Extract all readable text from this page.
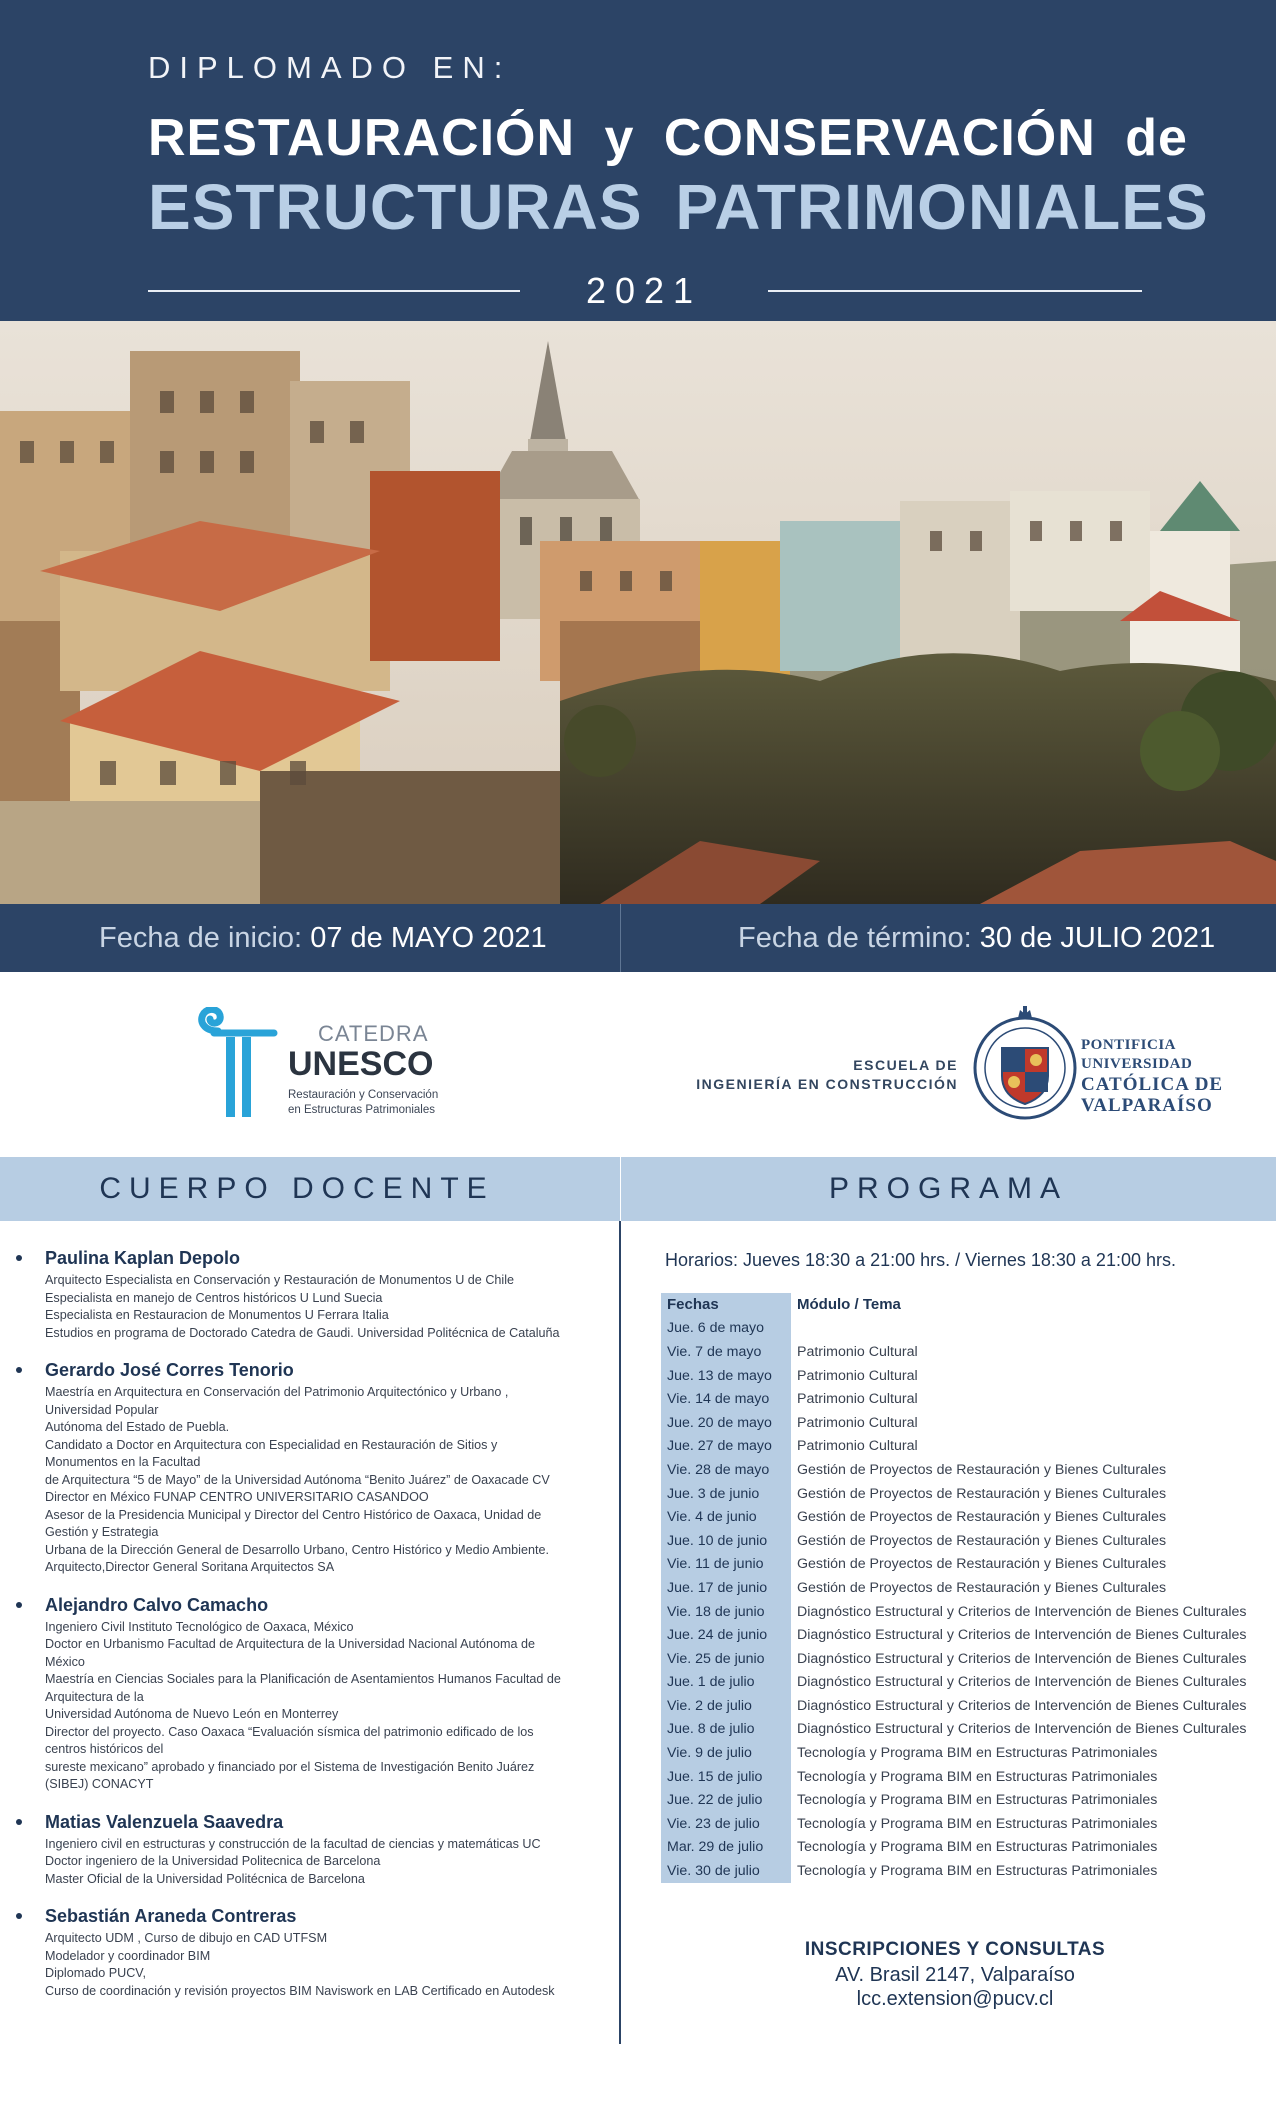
DIPLOMADO EN:
RESTAURACIÓN y CONSERVACIÓN de
ESTRUCTURAS PATRIMONIALES
2021
Fecha de inicio: 07 de MAYO 2021	Fecha de término: 30 de JULIO 2021
CATEDRA
UNESCO
Restauración y Conservación
en Estructuras Patrimoniales
ESCUELA DE
INGENIERÍA EN CONSTRUCCIÓN
PONTIFICIA
UNIVERSIDAD
CATÓLICA DE
VALPARAÍSO
CUERPO DOCENTE	PROGRAMA
Paulina Kaplan Depolo
Arquitecto Especialista en Conservación y Restauración de Monumentos U de Chile
Especialista en manejo de Centros históricos U Lund Suecia
Especialista en Restauracion de Monumentos U Ferrara Italia
Estudios en programa de Doctorado Catedra de Gaudi. Universidad Politécnica de Cataluña
Gerardo José Corres Tenorio
Maestría en Arquitectura en Conservación del Patrimonio Arquitectónico y Urbano ,
Universidad Popular
Autónoma del Estado de Puebla.
Candidato a Doctor en Arquitectura con Especialidad en Restauración de Sitios y
Monumentos en la Facultad
de Arquitectura “5 de Mayo” de la Universidad Autónoma “Benito Juárez” de Oaxacade CV
Director en México FUNAP CENTRO UNIVERSITARIO CASANDOO
Asesor de la Presidencia Municipal y Director del Centro Histórico de Oaxaca, Unidad de
Gestión y Estrategia
Urbana de la Dirección General de Desarrollo Urbano, Centro Histórico y Medio Ambiente.
Arquitecto,Director General Soritana Arquitectos SA
Alejandro Calvo Camacho
Ingeniero Civil Instituto Tecnológico de Oaxaca, México
Doctor en Urbanismo Facultad de Arquitectura de la Universidad Nacional Autónoma de
México
Maestría en Ciencias Sociales para la Planificación de Asentamientos Humanos Facultad de
Arquitectura de la
Universidad Autónoma de Nuevo León en Monterrey
Director del proyecto. Caso Oaxaca “Evaluación sísmica del patrimonio edificado de los
centros históricos del
sureste mexicano” aprobado y financiado por el Sistema de Investigación Benito Juárez
(SIBEJ) CONACYT
Matias Valenzuela Saavedra
Ingeniero civil en estructuras y construcción de la facultad de ciencias y matemáticas UC
Doctor ingeniero de la Universidad Politecnica de Barcelona
Master Oficial de la Universidad Politécnica de Barcelona
Sebastián Araneda Contreras
Arquitecto UDM , Curso de dibujo en CAD UTFSM
Modelador y coordinador BIM
Diplomado PUCV,
Curso de coordinación y revisión proyectos BIM Naviswork en LAB Certificado en Autodesk
Horarios: Jueves 18:30 a 21:00 hrs. / Viernes 18:30 a 21:00 hrs.
Fechas	Módulo / Tema
Jue. 6 de mayo	
Vie. 7 de mayo	Patrimonio Cultural
Jue. 13 de mayo	Patrimonio Cultural
Vie. 14 de mayo	Patrimonio Cultural
Jue. 20 de mayo	Patrimonio Cultural
Jue. 27 de mayo	Patrimonio Cultural
Vie. 28 de mayo	Gestión de Proyectos de Restauración y Bienes Culturales
Jue. 3 de junio	Gestión de Proyectos de Restauración y Bienes Culturales
Vie. 4 de junio	Gestión de Proyectos de Restauración y Bienes Culturales
Jue. 10 de junio	Gestión de Proyectos de Restauración y Bienes Culturales
Vie. 11 de junio	Gestión de Proyectos de Restauración y Bienes Culturales
Jue. 17 de junio	Gestión de Proyectos de Restauración y Bienes Culturales
Vie. 18 de junio	Diagnóstico Estructural y Criterios de Intervención de Bienes Culturales
Jue. 24 de junio	Diagnóstico Estructural y Criterios de Intervención de Bienes Culturales
Vie. 25 de junio	Diagnóstico Estructural y Criterios de Intervención de Bienes Culturales
Jue. 1 de julio	Diagnóstico Estructural y Criterios de Intervención de Bienes Culturales
Vie. 2 de julio	Diagnóstico Estructural y Criterios de Intervención de Bienes Culturales
Jue. 8 de julio	Diagnóstico Estructural y Criterios de Intervención de Bienes Culturales
Vie. 9 de julio	Tecnología y Programa BIM en Estructuras Patrimoniales
Jue. 15 de julio	Tecnología y Programa BIM en Estructuras Patrimoniales
Jue. 22 de julio	Tecnología y Programa BIM en Estructuras Patrimoniales
Vie. 23 de julio	Tecnología y Programa BIM en Estructuras Patrimoniales
Mar. 29 de julio	Tecnología y Programa BIM en Estructuras Patrimoniales
Vie. 30 de julio	Tecnología y Programa BIM en Estructuras Patrimoniales
INSCRIPCIONES Y CONSULTAS
AV. Brasil 2147, Valparaíso
lcc.extension@pucv.cl
